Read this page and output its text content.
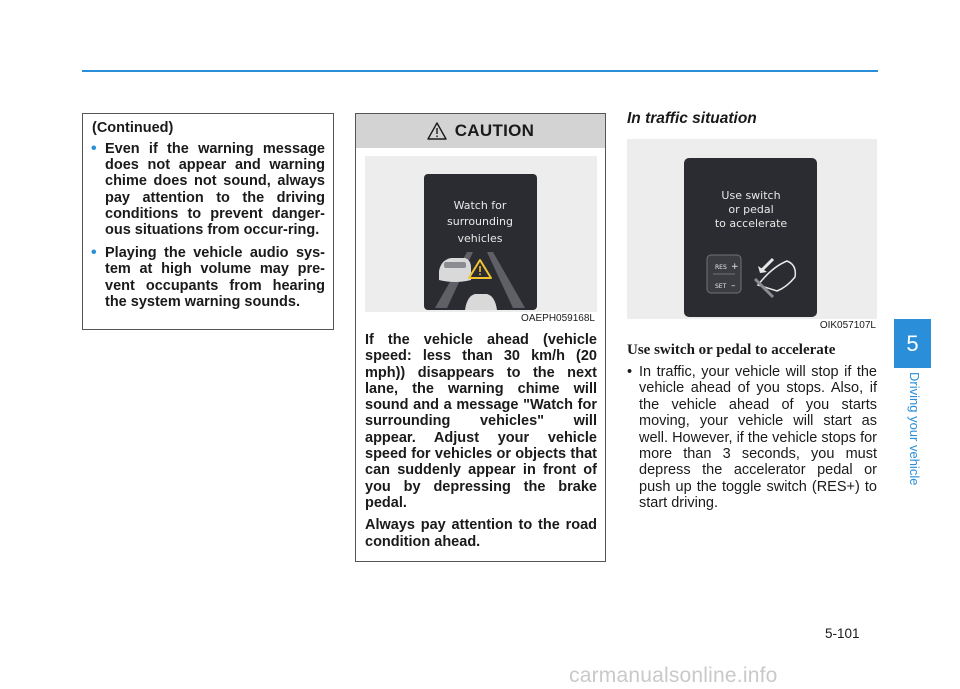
(Continued)
• Even if the warning message does not appear and warning chime does not sound, always pay attention to the driving conditions to prevent danger-ous situations from occur-ring.
• Playing the vehicle audio sys-tem at high volume may pre-vent occupants from hearing the system warning sounds.
CAUTION
Watch for
surrounding
vehicles
OAEPH059168L

If the vehicle ahead (vehicle speed: less than 30 km/h (20 mph)) disappears to the next lane, the warning chime will sound and a message "Watch for surrounding vehicles" will appear. Adjust your vehicle speed for vehicles or objects that can suddenly appear in front of you by depressing the brake pedal.

Always pay attention to the road condition ahead.

In traffic situation
Use switch
or pedal
to accelerate
RES +
SET –
OIK057107L
Use switch or pedal to accelerate
• In traffic, your vehicle will stop if the vehicle ahead of you stops. Also, if the vehicle ahead of you starts moving, your vehicle will start as well. However, if the vehicle stops for more than 3 seconds, you must depress the accelerator pedal or push up the toggle switch (RES+) to start driving.
5
Driving your vehicle
5-101
carmanualsonline.info
